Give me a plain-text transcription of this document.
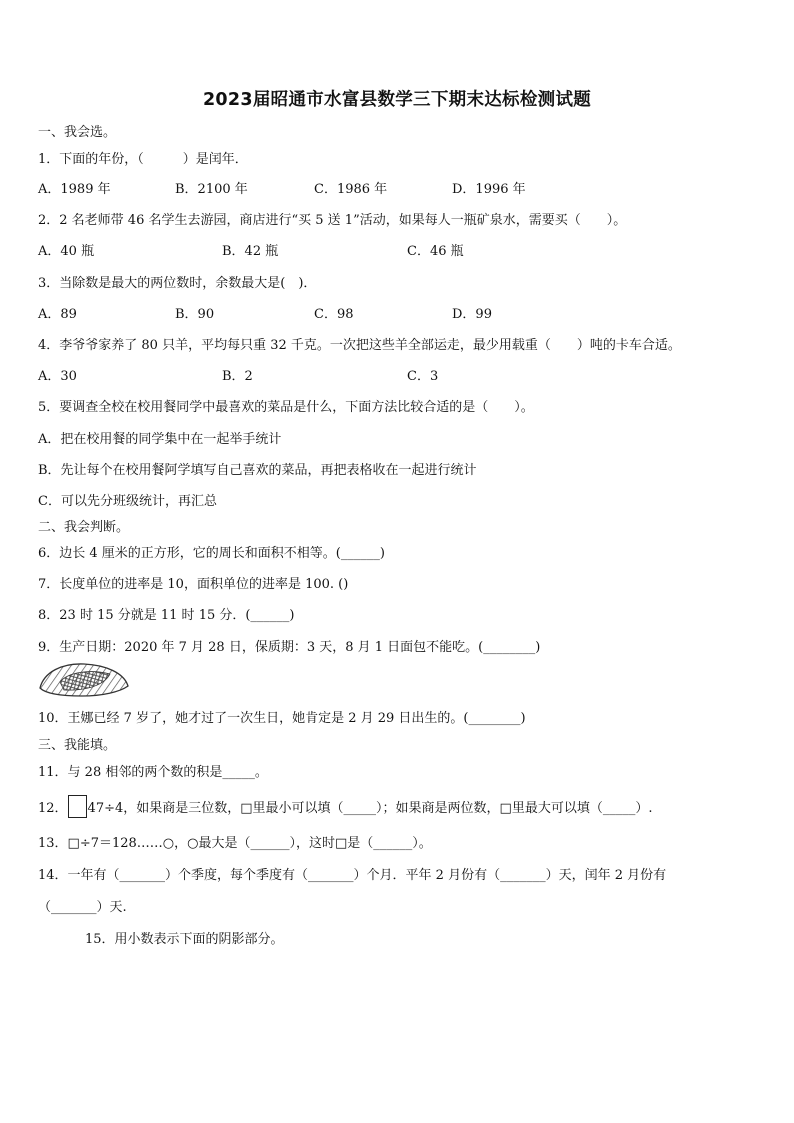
2023届昭通市水富县数学三下期末达标检测试题
一、我会选。
1．下面的年份，（　　　）是闰年．
A．1989 年	B．2100 年	C．1986 年	D．1996 年
2．2 名老师带 46 名学生去游园，商店进行“买 5 送 1”活动，如果每人一瓶矿泉水，需要买（　　）。
A．40 瓶	B．42 瓶	C．46 瓶
3．当除数是最大的两位数时，余数最大是(　)．
A．89	B．90	C．98	D．99
4．李爷爷家养了 80 只羊，平均每只重 32 千克。一次把这些羊全部运走，最少用载重（　　）吨的卡车合适。
A．30	B．2	C．3
5．要调查全校在校用餐同学中最喜欢的菜品是什么，下面方法比较合适的是（　　）。
A．把在校用餐的同学集中在一起举手统计
B．先让每个在校用餐阿学填写自己喜欢的菜品，再把表格收在一起进行统计
C．可以先分班级统计，再汇总
二、我会判断。
6．边长 4 厘米的正方形，它的周长和面积不相等。(______)
7．长度单位的进率是 10，面积单位的进率是 100. ()
8．23 时 15 分就是 11 时 15 分．(______)
9．生产日期：2020 年 7 月 28 日，保质期：3 天，8 月 1 日面包不能吃。(________)
10．王娜已经 7 岁了，她才过了一次生日，她肯定是 2 月 29 日出生的。(________)
三、我能填。
11．与 28 相邻的两个数的积是_____。
12． 47÷4，如果商是三位数，□里最小可以填（_____）；如果商是两位数，□里最大可以填（_____）.
13．□÷7＝128……○，○最大是（______），这时□是（______）。
14．一年有（_______）个季度，每个季度有（_______）个月．平年 2 月份有（_______）天，闰年 2 月份有
（_______）天.
15．用小数表示下面的阴影部分。
